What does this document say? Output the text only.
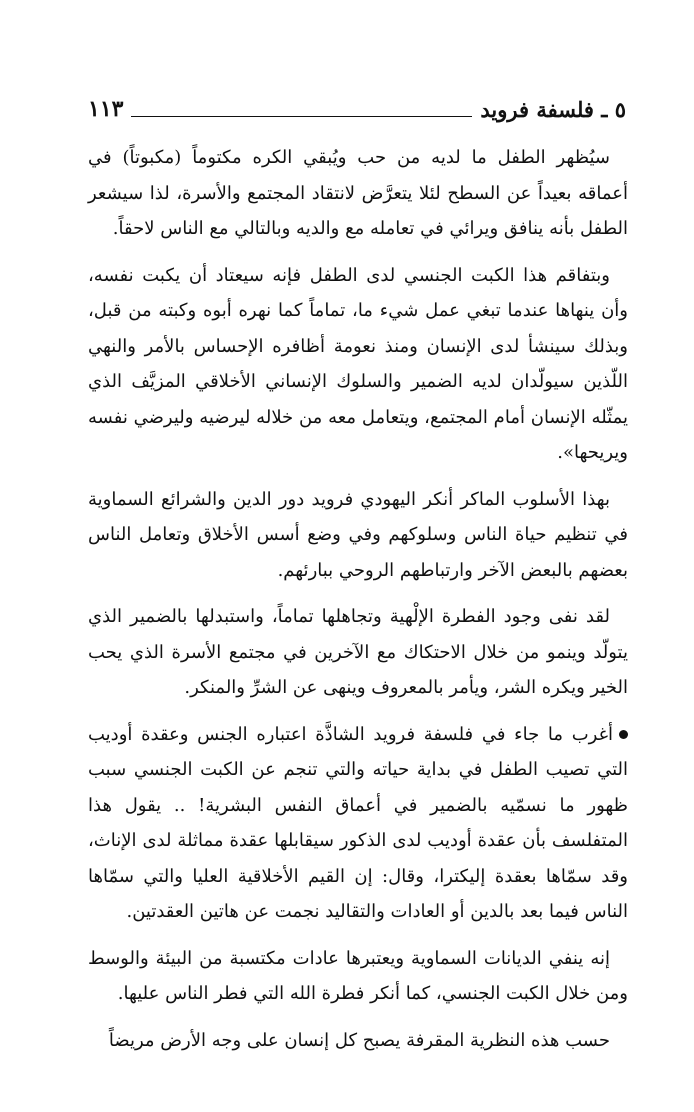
٥ ـ فلسفة فرويد
١١٣

سيُظهر الطفل ما لديه من حب ويُبقي الكره مكتوماً (مكبوتاً) في أعماقه بعيداً عن السطح لئلا يتعرَّض لانتقاد المجتمع والأسرة، لذا سيشعر الطفل بأنه ينافق ويرائي في تعامله مع والديه وبالتالي مع الناس لاحقاً.

وبتفاقم هذا الكبت الجنسي لدى الطفل فإنه سيعتاد أن يكبت نفسه، وأن ينهاها عندما تبغي عمل شيء ما، تماماً كما نهره أبوه وكبته من قبل، وبذلك سينشأ لدى الإنسان ومنذ نعومة أظافره الإحساس بالأمر والنهي اللّذين سيولّدان لديه الضمير والسلوك الإنساني الأخلاقي المزيَّف الذي يمثّله الإنسان أمام المجتمع، ويتعامل معه من خلاله ليرضيه وليرضي نفسه ويريحها».

بهذا الأسلوب الماكر أنكر اليهودي فرويد دور الدين والشرائع السماوية في تنظيم حياة الناس وسلوكهم وفي وضع أسس الأخلاق وتعامل الناس بعضهم بالبعض الآخر وارتباطهم الروحي ببارئهم.

لقد نفى وجود الفطرة الإلْهية وتجاهلها تماماً، واستبدلها بالضمير الذي يتولّد وينمو من خلال الاحتكاك مع الآخرين في مجتمع الأسرة الذي يحب الخير ويكره الشر، ويأمر بالمعروف وينهى عن الشرِّ والمنكر.

أغرب ما جاء في فلسفة فرويد الشاذَّة اعتباره الجنس وعقدة أوديب التي تصيب الطفل في بداية حياته والتي تنجم عن الكبت الجنسي سبب ظهور ما نسمّيه بالضمير في أعماق النفس البشرية! .. يقول هذا المتفلسف بأن عقدة أوديب لدى الذكور سيقابلها عقدة مماثلة لدى الإناث، وقد سمّاها بعقدة إليكترا، وقال: إن القيم الأخلاقية العليا والتي سمّاها الناس فيما بعد بالدين أو العادات والتقاليد نجمت عن هاتين العقدتين.

إنه ينفي الديانات السماوية ويعتبرها عادات مكتسبة من البيئة والوسط ومن خلال الكبت الجنسي، كما أنكر فطرة الله التي فطر الناس عليها.

حسب هذه النظرية المقرفة يصبح كل إنسان على وجه الأرض مريضاً
